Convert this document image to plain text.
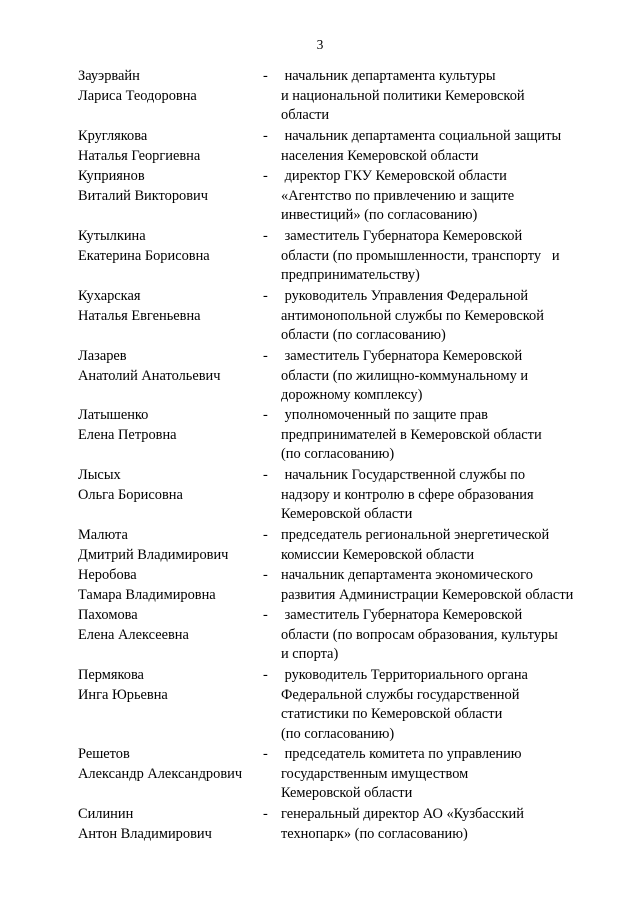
3
Зауэрвайн
Лариса Теодоровна
- начальник департамента культуры
и национальной политики Кемеровской
области
Круглякова
Наталья Георгиевна
- начальник департамента социальной защиты
населения Кемеровской области
Куприянов
Виталий Викторович
- директор ГКУ Кемеровской области
«Агентство по привлечению и защите
инвестиций» (по согласованию)
Кутылкина
Екатерина Борисовна
- заместитель Губернатора Кемеровской
области (по промышленности, транспорту   и
предпринимательству)
Кухарская
Наталья Евгеньевна
- руководитель Управления Федеральной
антимонопольной службы по Кемеровской
области (по согласованию)
Лазарев
Анатолий Анатольевич
- заместитель Губернатора Кемеровской
области (по жилищно-коммунальному и
дорожному комплексу)
Латышенко
Елена Петровна
- уполномоченный по защите прав
предпринимателей в Кемеровской области
(по согласованию)
Лысых
Ольга Борисовна
- начальник Государственной службы по
надзору и контролю в сфере образования
Кемеровской области
Малюта
Дмитрий Владимирович
- председатель региональной энергетической
комиссии Кемеровской области
Неробова
Тамара Владимировна
- начальник департамента экономического
развития Администрации Кемеровской области
Пахомова
Елена Алексеевна
- заместитель Губернатора Кемеровской
области (по вопросам образования, культуры
и спорта)
Пермякова
Инга Юрьевна
- руководитель Территориального органа
Федеральной службы государственной
статистики по Кемеровской области
(по согласованию)
Решетов
Александр Александрович
- председатель комитета по управлению
государственным имуществом
Кемеровской области
Силинин
Антон Владимирович
- генеральный директор АО «Кузбасский
технопарк» (по согласованию)
